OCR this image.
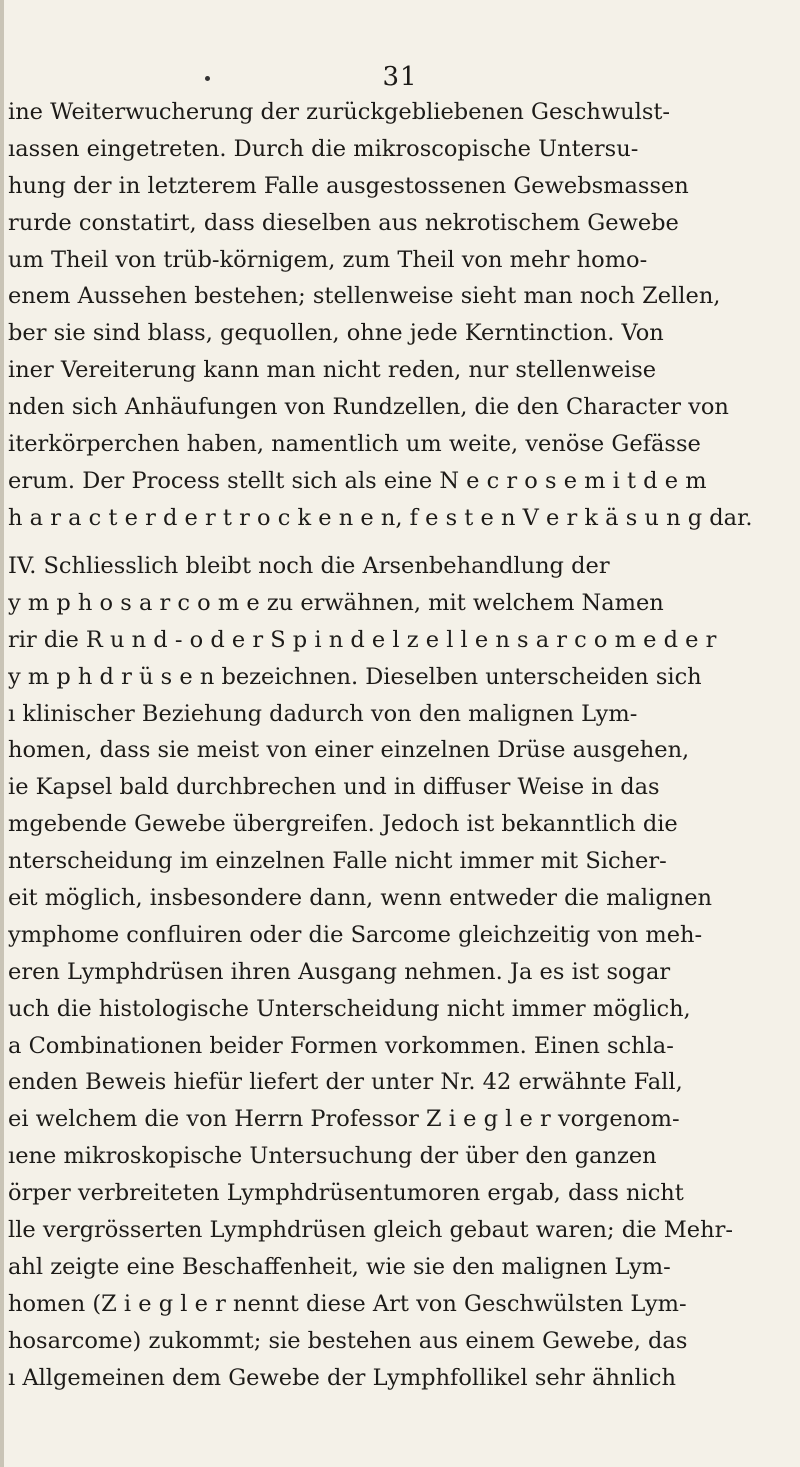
31
ine Weiterwucherung der zurückgebliebenen Geschwulst-
ıassen eingetreten. Durch die mikroscopische Untersu-
hung der in letzterem Falle ausgestossenen Gewebsmassen
rurde constatirt, dass dieselben aus nekrotischem Gewebe
um Theil von trüb-körnigem, zum Theil von mehr homo-
enem Aussehen bestehen; stellenweise sieht man noch Zellen,
ber sie sind blass, gequollen, ohne jede Kerntinction. Von
iner Vereiterung kann man nicht reden, nur stellenweise
nden sich Anhäufungen von Rundzellen, die den Character von
iterkörperchen haben, namentlich um weite, venöse Gefässe
erum. Der Process stellt sich als eine N e c r o s e m i t d e m
h a r a c t e r d e r t r o c k e n e n, f e s t e n V e r k ä s u n g dar.
IV. Schliesslich bleibt noch die Arsenbehandlung der
y m p h o s a r c o m e zu erwähnen, mit welchem Namen
rir die R u n d - o d e r S p i n d e l z e l l e n s a r c o m e d e r
y m p h d r ü s e n bezeichnen. Dieselben unterscheiden sich
ı klinischer Beziehung dadurch von den malignen Lym-
homen, dass sie meist von einer einzelnen Drüse ausgehen,
ie Kapsel bald durchbrechen und in diffuser Weise in das
mgebende Gewebe übergreifen. Jedoch ist bekanntlich die
nterscheidung im einzelnen Falle nicht immer mit Sicher-
eit möglich, insbesondere dann, wenn entweder die malignen
ymphome confluiren oder die Sarcome gleichzeitig von meh-
eren Lymphdrüsen ihren Ausgang nehmen. Ja es ist sogar
uch die histologische Unterscheidung nicht immer möglich,
a Combinationen beider Formen vorkommen. Einen schla-
enden Beweis hiefür liefert der unter Nr. 42 erwähnte Fall,
ei welchem die von Herrn Professor Z i e g l e r vorgenom-
ıene mikroskopische Untersuchung der über den ganzen
örper verbreiteten Lymphdrüsentumoren ergab, dass nicht
lle vergrösserten Lymphdrüsen gleich gebaut waren; die Mehr-
ahl zeigte eine Beschaffenheit, wie sie den malignen Lym-
homen (Z i e g l e r nennt diese Art von Geschwülsten Lym-
hosarcome) zukommt; sie bestehen aus einem Gewebe, das
ı Allgemeinen dem Gewebe der Lymphfollikel sehr ähnlich
